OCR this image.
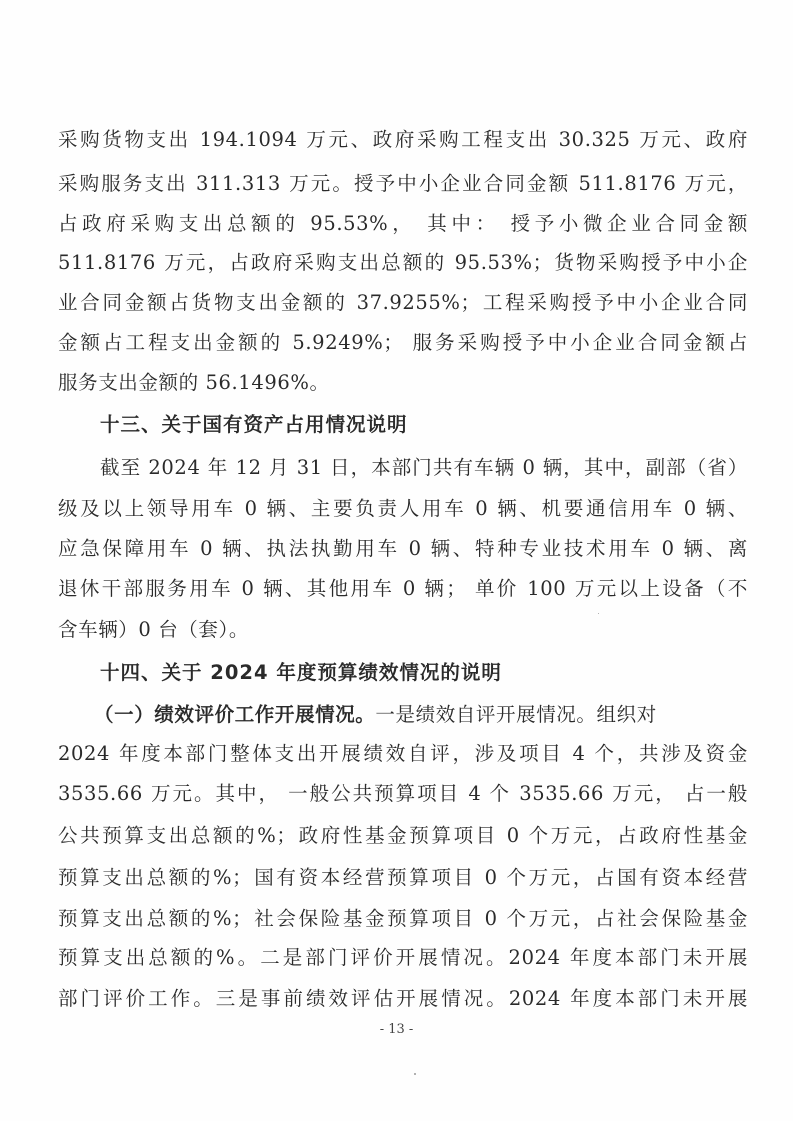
采购货物支出 194.1094 万元、政府采购工程支出 30.325 万元、政府
采购服务支出 311.313 万元。授予中小企业合同金额 511.8176 万元，
占政府采购支出总额的 95.53%， 其中： 授予小微企业合同金额
511.8176 万元，占政府采购支出总额的 95.53%；货物采购授予中小企
业合同金额占货物支出金额的 37.9255%；工程采购授予中小企业合同
金额占工程支出金额的 5.9249%； 服务采购授予中小企业合同金额占
服务支出金额的 56.1496%。
十三、关于国有资产占用情况说明
截至 2024 年 12 月 31 日，本部门共有车辆 0 辆，其中，副部（省）
级及以上领导用车 0 辆、主要负责人用车 0 辆、机要通信用车 0 辆、
应急保障用车 0 辆、执法执勤用车 0 辆、特种专业技术用车 0 辆、离
退休干部服务用车 0 辆、其他用车 0 辆； 单价 100 万元以上设备（不
含车辆）0 台（套）。
十四、关于 2024 年度预算绩效情况的说明
（一）绩效评价工作开展情况。一是绩效自评开展情况。组织对
2024 年度本部门整体支出开展绩效自评，涉及项目 4 个，共涉及资金
3535.66 万元。其中， 一般公共预算项目 4 个 3535.66 万元， 占一般
公共预算支出总额的%；政府性基金预算项目 0 个万元，占政府性基金
预算支出总额的%；国有资本经营预算项目 0 个万元，占国有资本经营
预算支出总额的%；社会保险基金预算项目 0 个万元，占社会保险基金
预算支出总额的%。二是部门评价开展情况。2024 年度本部门未开展
部门评价工作。三是事前绩效评估开展情况。2024 年度本部门未开展
- 13 -
